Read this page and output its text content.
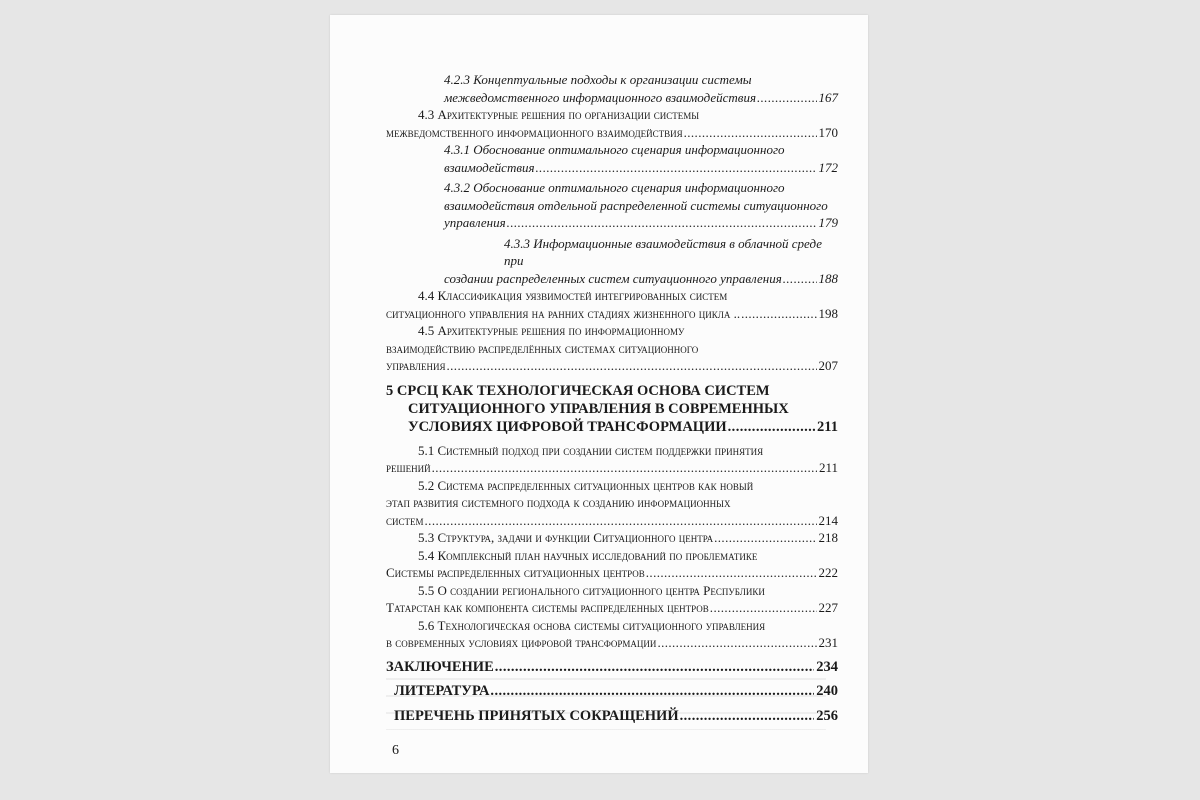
4.2.3 Концептуальные подходы к организации системы
межведомственного информационного взаимодействия .....	167
4.3 Архитектурные решения по организации системы
межведомственного информационного взаимодействия .....	170
4.3.1 Обоснование оптимального сценария информационного
взаимодействия .....	172
4.3.2 Обоснование оптимального сценария информационного
взаимодействия отдельной распределенной системы ситуационного
управления .....	179
4.3.3 Информационные взаимодействия в облачной среде при
создании распределенных систем ситуационного управления .....	188
4.4 Классификация уязвимостей интегрированных систем
ситуационного управления на ранних стадиях жизненного цикла .. .....	198
4.5 Архитектурные решения по информационному
взаимодействию распределённых системах ситуационного
управления .....	207
5 СРСЦ КАК ТЕХНОЛОГИЧЕСКАЯ ОСНОВА СИСТЕМ
СИТУАЦИОННОГО УПРАВЛЕНИЯ В СОВРЕМЕННЫХ
УСЛОВИЯХ ЦИФРОВОЙ ТРАНСФОРМАЦИИ .....	211
5.1 Системный подход при создании систем поддержки принятия
решений .....	211
5.2 Система распределенных ситуационных центров как новый
этап развития системного подхода к созданию информационных
систем .....	214
5.3 Структура, задачи и функции Ситуационного центра .....	218
5.4 Комплексный план научных исследований по проблематике
Системы распределенных ситуационных центров .....	222
5.5 О создании регионального ситуационного центра Республики
Татарстан как компонента системы распределенных центров .....	227
5.6 Технологическая основа системы ситуационного управления
в современных условиях цифровой трансформации .....	231
ЗАКЛЮЧЕНИЕ .....	234
ЛИТЕРАТУРА .....	240
ПЕРЕЧЕНЬ ПРИНЯТЫХ СОКРАЩЕНИЙ .....	256
6
